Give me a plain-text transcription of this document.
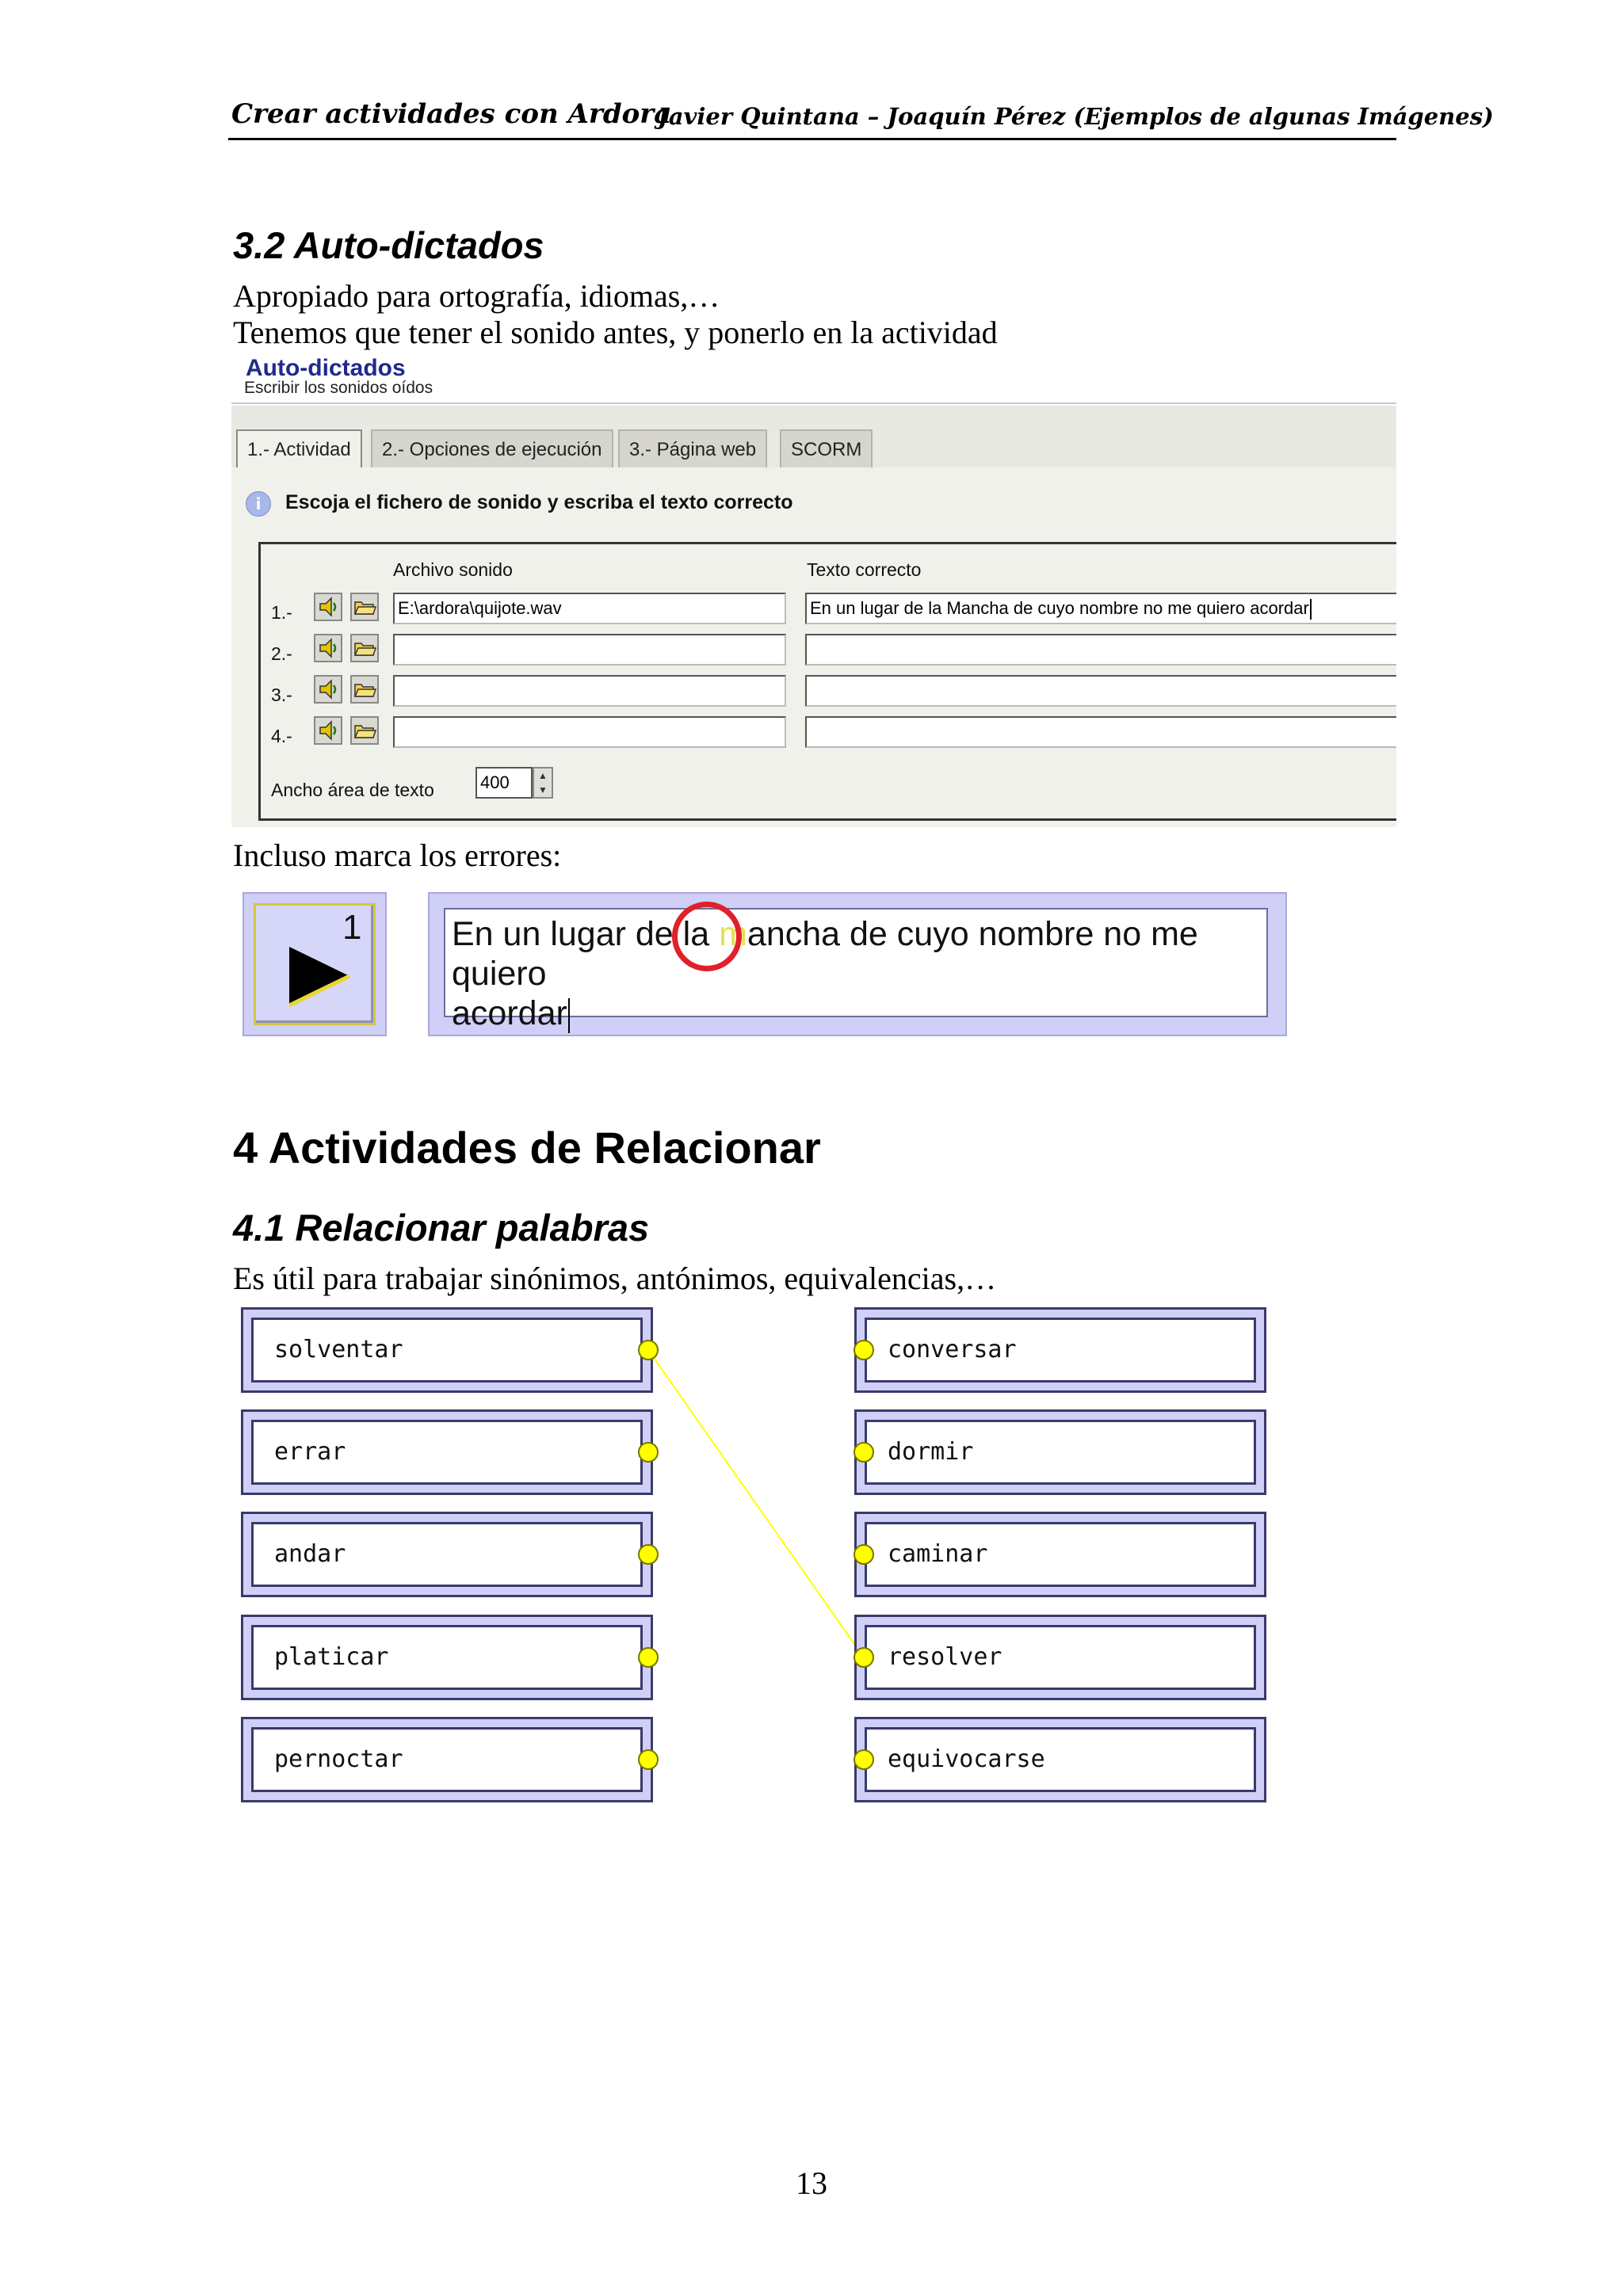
Crear actividades con Ardora
Javier Quintana – Joaquín Pérez (Ejemplos de algunas Imágenes)
3.2 Auto-dictados
Apropiado para ortografía, idiomas,…
Tenemos que tener el sonido antes, y ponerlo en la actividad
Auto-dictados
Escribir los sonidos oídos
1.- Actividad	2.- Opciones de ejecución	3.- Página web	SCORM
i	Escoja el fichero de sonido y escriba el texto correcto
Archivo sonido	Texto correcto
1.-	E:\ardora\quijote.wav	En un lugar de la Mancha de cuyo nombre no me quiero acordar
2.-
3.-
4.-
Ancho área de texto	400	▲
▼
Incluso marca los errores:
1	En un lugar de la mancha de cuyo nombre no me quiero
acordar
4 Actividades de Relacionar
4.1 Relacionar palabras
Es útil para trabajar sinónimos, antónimos, equivalencias,…
solventar
errar
andar
platicar
pernoctar
conversar
dormir
caminar
resolver
equivocarse
13
